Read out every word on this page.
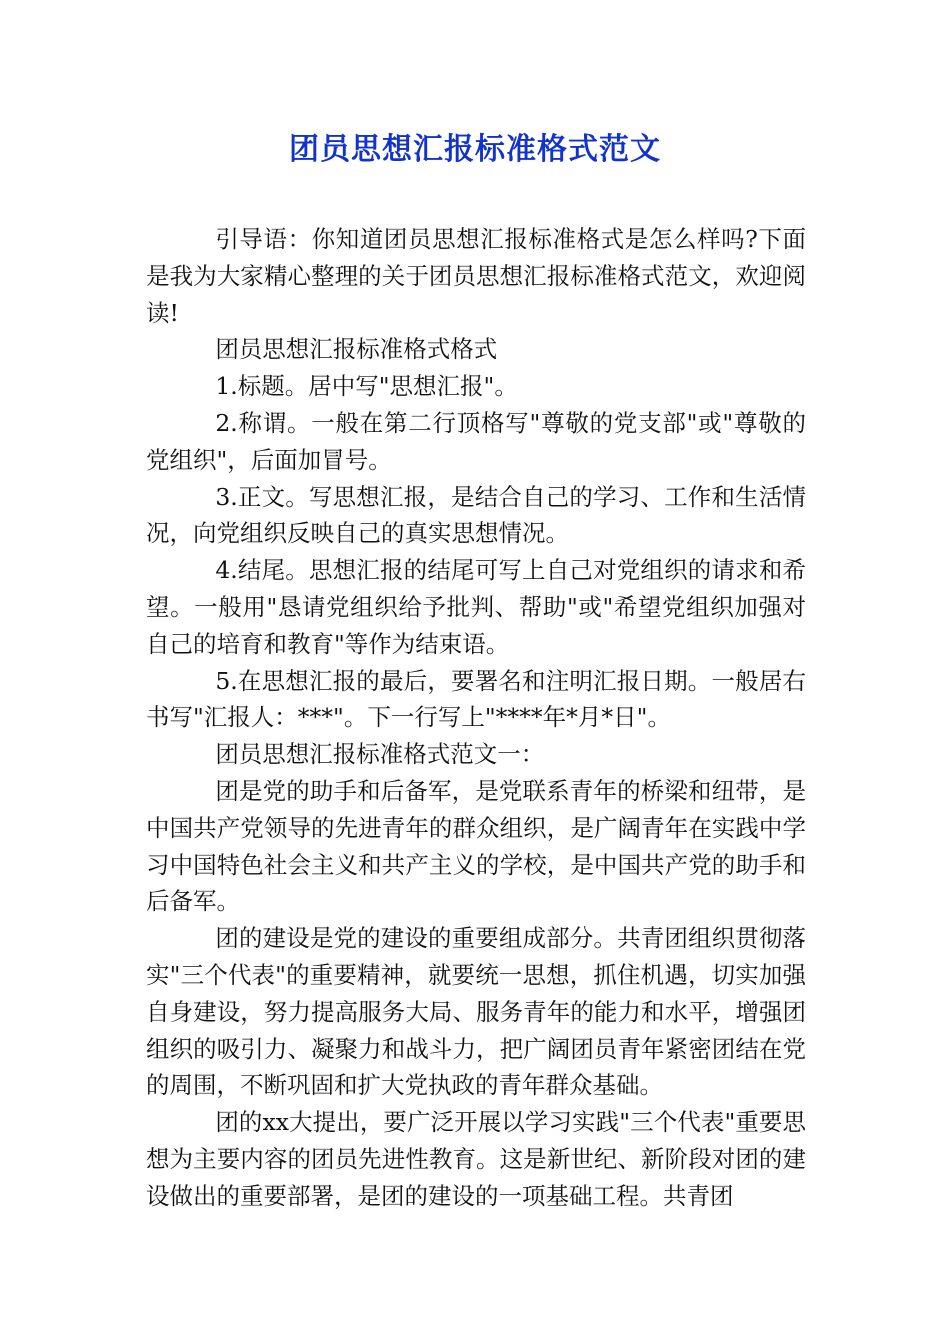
团员思想汇报标准格式范文

引导语：你知道团员思想汇报标准格式是怎么样吗?下面是我为大家精心整理的关于团员思想汇报标准格式范文，欢迎阅读!

团员思想汇报标准格式格式

1.标题。居中写"思想汇报"。

2.称谓。一般在第二行顶格写"尊敬的党支部"或"尊敬的党组织"，后面加冒号。

3.正文。写思想汇报，是结合自己的学习、工作和生活情况，向党组织反映自己的真实思想情况。

4.结尾。思想汇报的结尾可写上自己对党组织的请求和希望。一般用"恳请党组织给予批判、帮助"或"希望党组织加强对自己的培育和教育"等作为结束语。

5.在思想汇报的最后，要署名和注明汇报日期。一般居右书写"汇报人：***"。下一行写上"****年*月*日"。

团员思想汇报标准格式范文一：

团是党的助手和后备军，是党联系青年的桥梁和纽带，是中国共产党领导的先进青年的群众组织，是广阔青年在实践中学习中国特色社会主义和共产主义的学校，是中国共产党的助手和后备军。

团的建设是党的建设的重要组成部分。共青团组织贯彻落实"三个代表"的重要精神，就要统一思想，抓住机遇，切实加强自身建设，努力提高服务大局、服务青年的能力和水平，增强团组织的吸引力、凝聚力和战斗力，把广阔团员青年紧密团结在党的周围，不断巩固和扩大党执政的青年群众基础。

团的xx大提出，要广泛开展以学习实践"三个代表"重要思想为主要内容的团员先进性教育。这是新世纪、新阶段对团的建设做出的重要部署，是团的建设的一项基础工程。共青团
